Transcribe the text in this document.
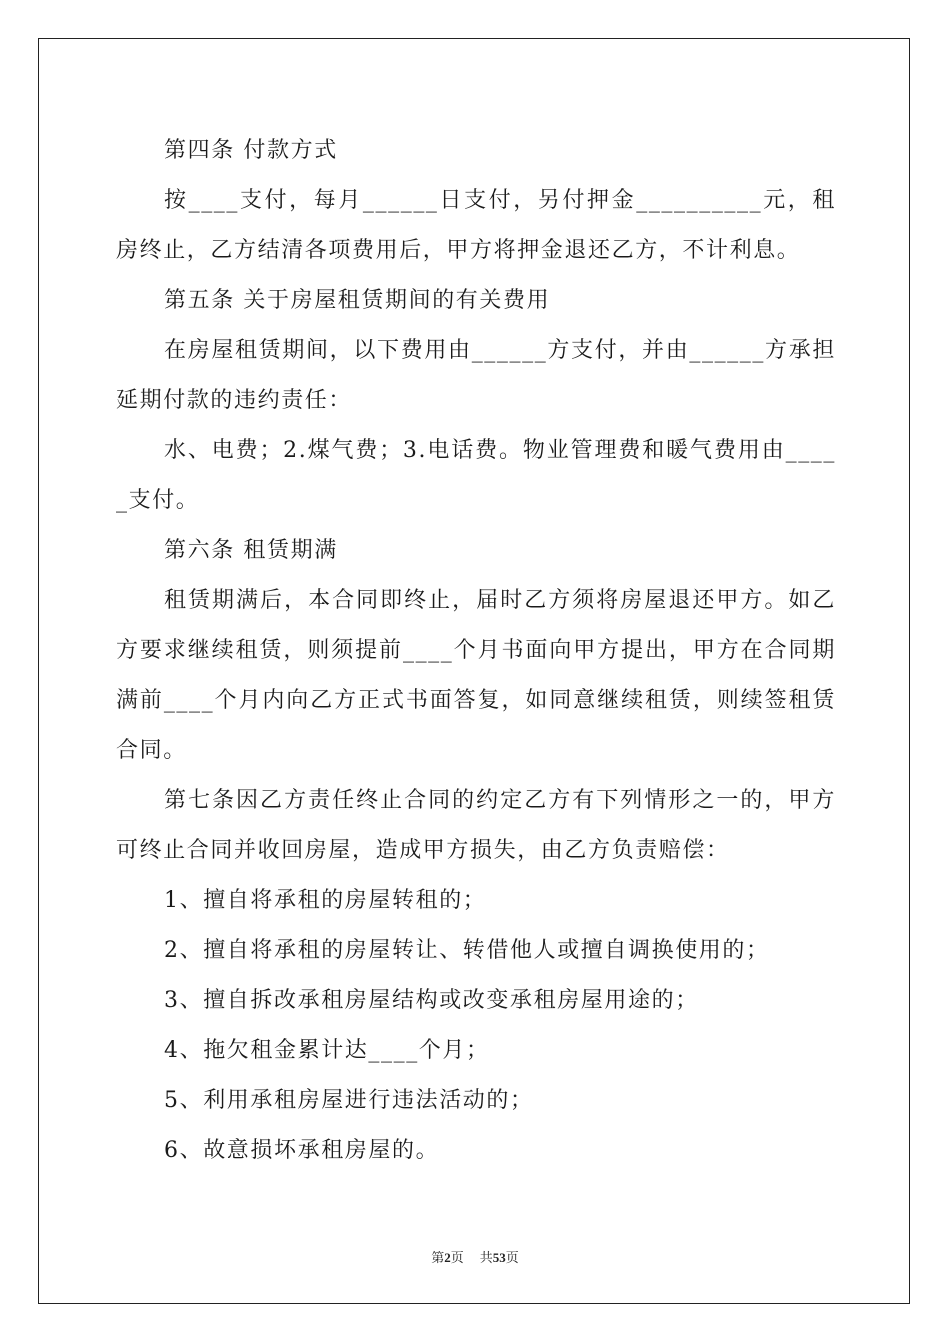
第四条 付款方式

按____支付，每月______日支付，另付押金__________元，租房终止，乙方结清各项费用后，甲方将押金退还乙方，不计利息。

第五条 关于房屋租赁期间的有关费用

在房屋租赁期间，以下费用由______方支付，并由______方承担延期付款的违约责任：

水、电费；2.煤气费；3.电话费。物业管理费和暖气费用由_____支付。

第六条 租赁期满

租赁期满后，本合同即终止，届时乙方须将房屋退还甲方。如乙方要求继续租赁，则须提前____个月书面向甲方提出，甲方在合同期满前____个月内向乙方正式书面答复，如同意继续租赁，则续签租赁合同。

第七条因乙方责任终止合同的约定乙方有下列情形之一的，甲方可终止合同并收回房屋，造成甲方损失，由乙方负责赔偿：

1、擅自将承租的房屋转租的；

2、擅自将承租的房屋转让、转借他人或擅自调换使用的；

3、擅自拆改承租房屋结构或改变承租房屋用途的；

4、拖欠租金累计达____个月；

5、利用承租房屋进行违法活动的；

6、故意损坏承租房屋的。

第2页 共53页
